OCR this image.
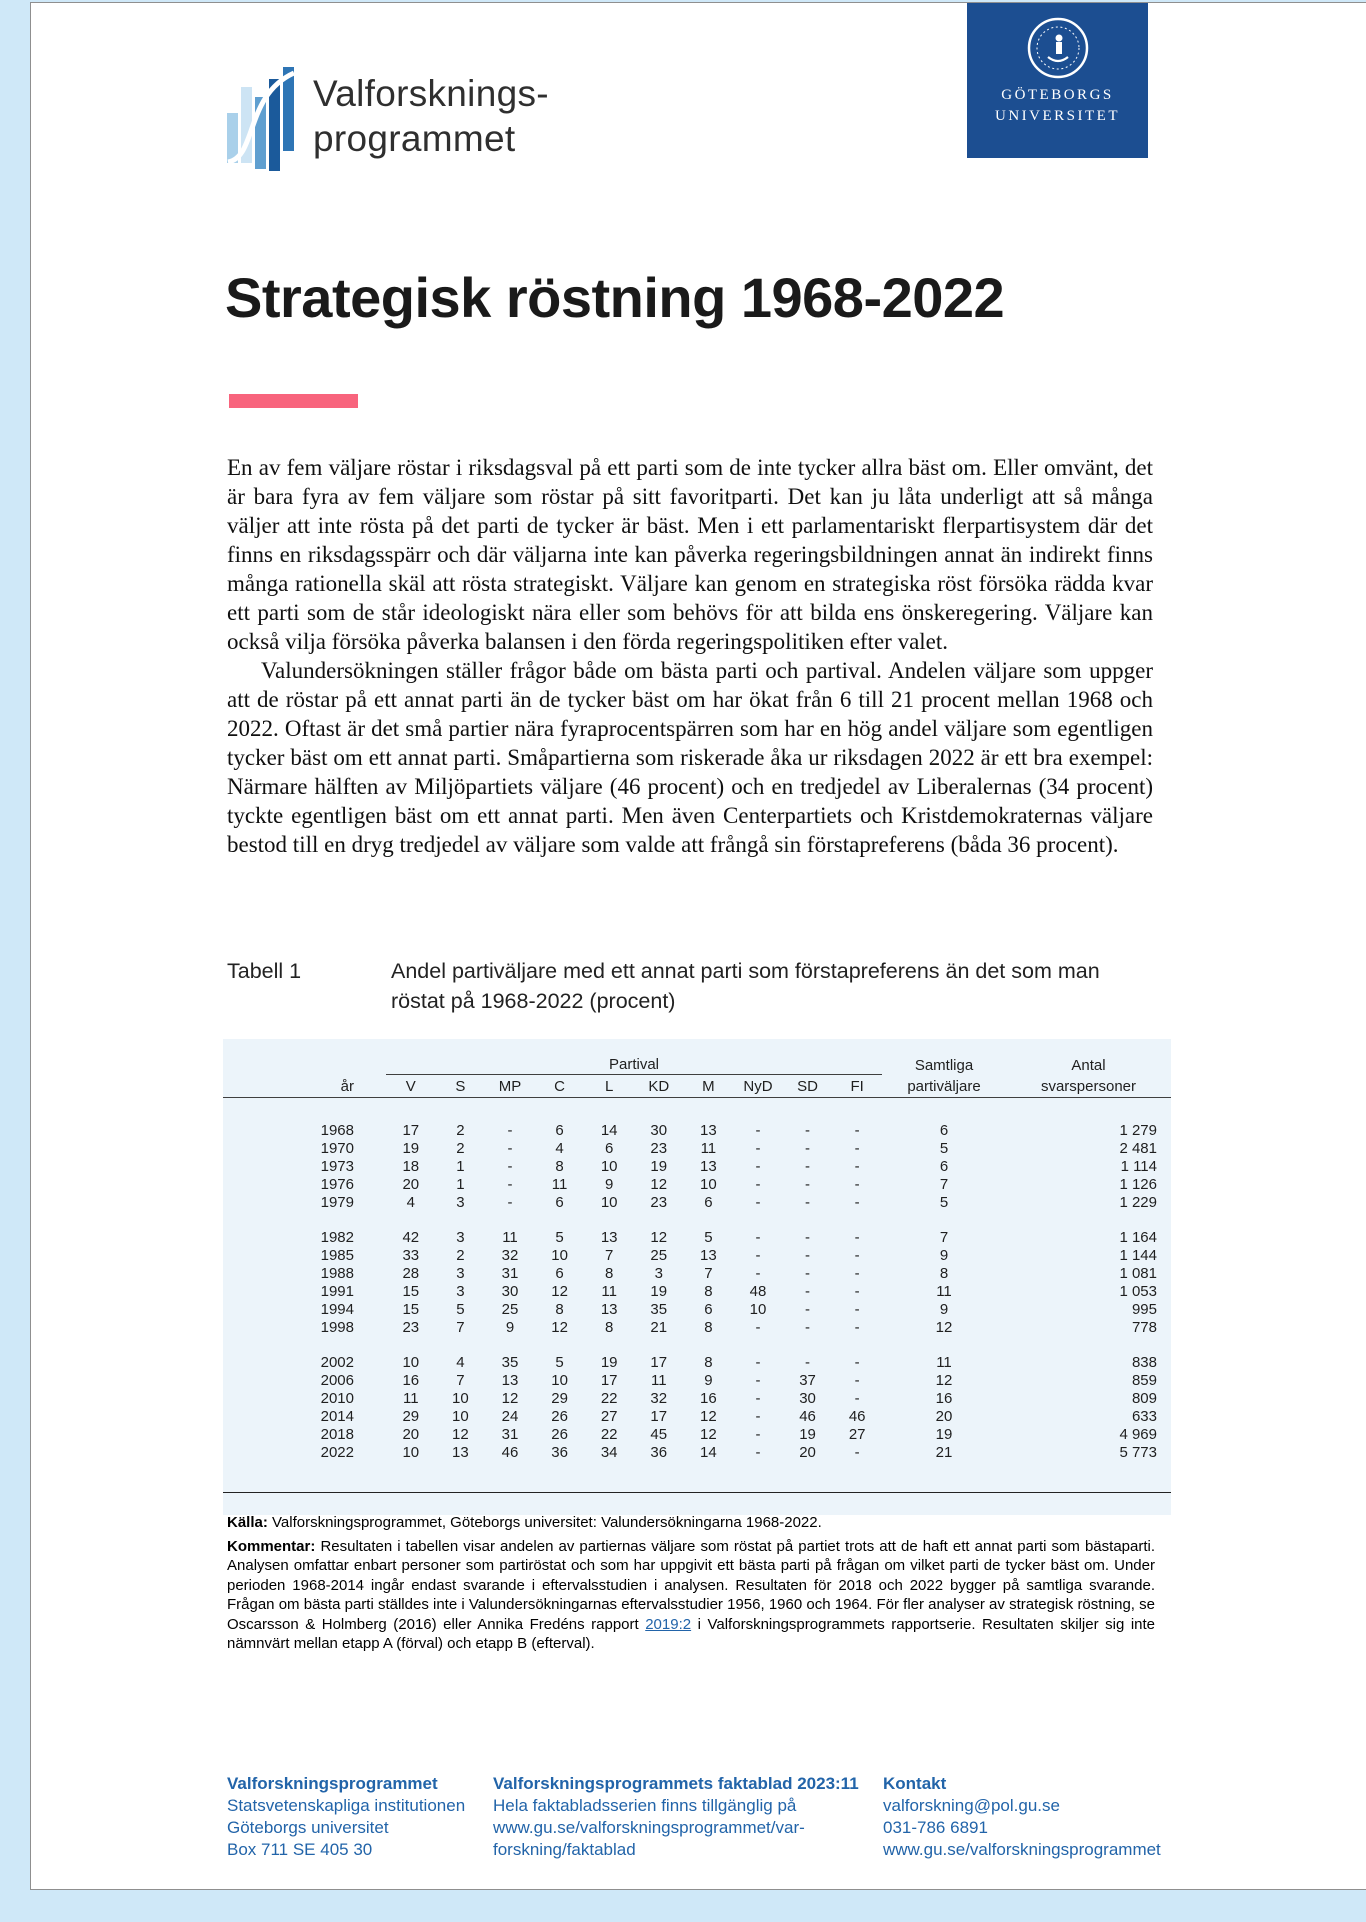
Valforsknings-
programmet
GÖTEBORGS
UNIVERSITET
Strategisk röstning 1968-2022

En av fem väljare röstar i riksdagsval på ett parti som de inte tycker allra bäst om. Eller omvänt, det är bara fyra av fem väljare som röstar på sitt favoritparti. Det kan ju låta underligt att så många väljer att inte rösta på det parti de tycker är bäst. Men i ett parlamentariskt flerpartisystem där det finns en riksdagsspärr och där väljarna inte kan påverka regeringsbildningen annat än indirekt finns många rationella skäl att rösta strategiskt. Väljare kan genom en strategiska röst försöka rädda kvar ett parti som de står ideologiskt nära eller som behövs för att bilda ens önskeregering. Väljare kan också vilja försöka påverka balansen i den förda regeringspolitiken efter valet.

Valundersökningen ställer frågor både om bästa parti och partival. Andelen väljare som uppger att de röstar på ett annat parti än de tycker bäst om har ökat från 6 till 21 procent mellan 1968 och 2022. Oftast är det små partier nära fyraprocentspärren som har en hög andel väljare som egentligen tycker bäst om ett annat parti. Småpartierna som riskerade åka ur riksdagen 2022 är ett bra exempel: Närmare hälften av Miljöpartiets väljare (46 procent) och en tredjedel av Liberalernas (34 procent) tyckte egentligen bäst om ett annat parti. Men även Centerpartiets och Kristdemokraternas väljare bestod till en dryg tredjedel av väljare som valde att frångå sin förstapreferens (båda 36 procent).

Tabell 1	Andel partiväljare med ett annat parti som förstapreferens än det som man röstat på 1968-2022 (procent)
	Partival										Samtliga	Antal
år	V	S	MP	C	L	KD	M	NyD	SD	FI	partiväljare	svarspersoner

1968	17	2	-	6	14	30	13	-	-	-	6	1 279
1970	19	2	-	4	6	23	11	-	-	-	5	2 481
1973	18	1	-	8	10	19	13	-	-	-	6	1 114
1976	20	1	-	11	9	12	10	-	-	-	7	1 126
1979	4	3	-	6	10	23	6	-	-	-	5	1 229

1982	42	3	11	5	13	12	5	-	-	-	7	1 164
1985	33	2	32	10	7	25	13	-	-	-	9	1 144
1988	28	3	31	6	8	3	7	-	-	-	8	1 081
1991	15	3	30	12	11	19	8	48	-	-	11	1 053
1994	15	5	25	8	13	35	6	10	-	-	9	995
1998	23	7	9	12	8	21	8	-	-	-	12	778

2002	10	4	35	5	19	17	8	-	-	-	11	838
2006	16	7	13	10	17	11	9	-	37	-	12	859
2010	11	10	12	29	22	32	16	-	30	-	16	809
2014	29	10	24	26	27	17	12	-	46	46	20	633
2018	20	12	31	26	22	45	12	-	19	27	19	4 969
2022	10	13	46	36	34	36	14	-	20	-	21	5 773

Källa: Valforskningsprogrammet, Göteborgs universitet: Valundersökningarna 1968-2022.

Kommentar: Resultaten i tabellen visar andelen av partiernas väljare som röstat på partiet trots att de haft ett annat parti som bästaparti. Analysen omfattar enbart personer som partiröstat och som har uppgivit ett bästa parti på frågan om vilket parti de tycker bäst om. Under perioden 1968-2014 ingår endast svarande i eftervalsstudien i analysen. Resultaten för 2018 och 2022 bygger på samtliga svarande. Frågan om bästa parti ställdes inte i Valundersökningarnas eftervalsstudier 1956, 1960 och 1964. För fler analyser av strategisk röstning, se Oscarsson & Holmberg (2016) eller Annika Fredéns rapport 2019:2 i Valforskningsprogrammets rapportserie. Resultaten skiljer sig inte nämnvärt mellan etapp A (förval) och etapp B (efterval).

Valforskningsprogrammet
Statsvetenskapliga institutionen
Göteborgs universitet
Box 711 SE 405 30
Valforskningsprogrammets faktablad 2023:11
Hela faktabladsserien finns tillgänglig på
www.gu.se/valforskningsprogrammet/var-
forskning/faktablad
Kontakt
valforskning@pol.gu.se
031-786 6891
www.gu.se/valforskningsprogrammet
